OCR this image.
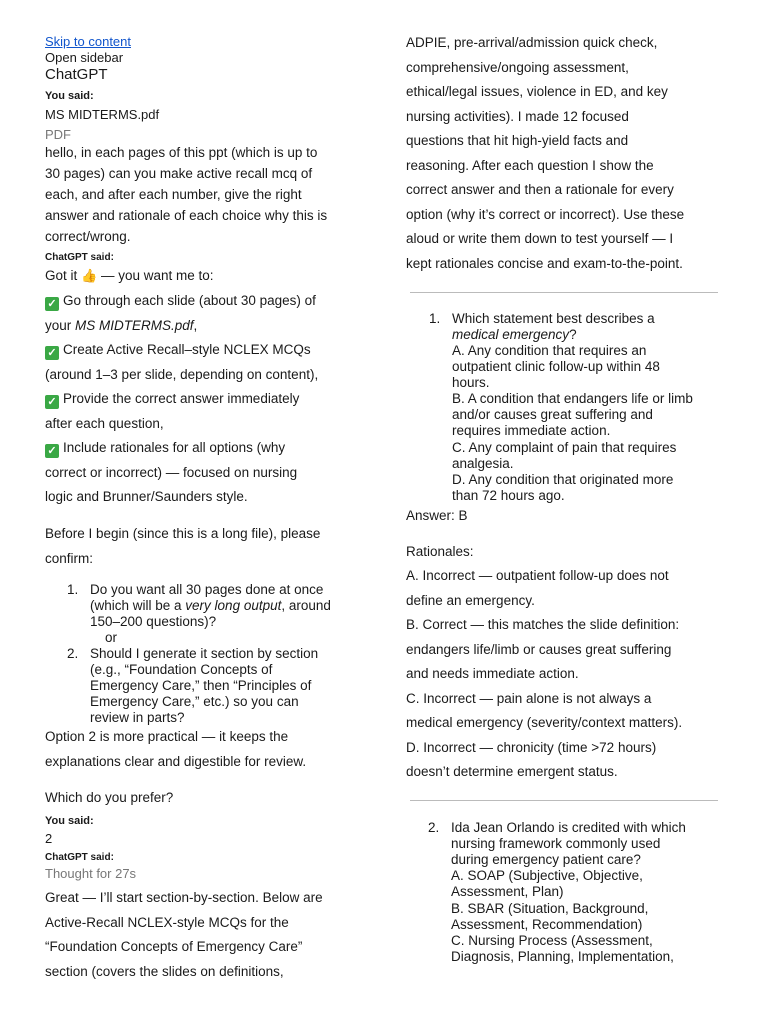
Skip to content
Open sidebar
ChatGPT
You said:
MS MIDTERMS.pdf
PDF
hello, in each pages of this ppt (which is up to
30 pages) can you make active recall mcq of
each, and after each number, give the right
answer and rationale of each choice why this is
correct/wrong.
ChatGPT said:
Got it 👍 — you want me to:
✓ Go through each slide (about 30 pages) of
your MS MIDTERMS.pdf,
✓ Create Active Recall–style NCLEX MCQs
(around 1–3 per slide, depending on content),
✓ Provide the correct answer immediately
after each question,
✓ Include rationales for all options (why
correct or incorrect) — focused on nursing
logic and Brunner/Saunders style.
Before I begin (since this is a long file), please
confirm:
1. Do you want all 30 pages done at once
(which will be a very long output, around
150–200 questions)?
or
2. Should I generate it section by section
(e.g., “Foundation Concepts of
Emergency Care,” then “Principles of
Emergency Care,” etc.) so you can
review in parts?
Option 2 is more practical — it keeps the
explanations clear and digestible for review.
Which do you prefer?
You said:
2
ChatGPT said:
Thought for 27s
Great — I’ll start section-by-section. Below are
Active-Recall NCLEX-style MCQs for the
“Foundation Concepts of Emergency Care”
section (covers the slides on definitions,
ADPIE, pre-arrival/admission quick check,
comprehensive/ongoing assessment,
ethical/legal issues, violence in ED, and key
nursing activities). I made 12 focused
questions that hit high-yield facts and
reasoning. After each question I show the
correct answer and then a rationale for every
option (why it’s correct or incorrect). Use these
aloud or write them down to test yourself — I
kept rationales concise and exam-to-the-point.
1. Which statement best describes a
medical emergency?
A. Any condition that requires an
outpatient clinic follow-up within 48
hours.
B. A condition that endangers life or limb
and/or causes great suffering and
requires immediate action.
C. Any complaint of pain that requires
analgesia.
D. Any condition that originated more
than 72 hours ago.
Answer: B
Rationales:
A. Incorrect — outpatient follow-up does not
define an emergency.
B. Correct — this matches the slide definition:
endangers life/limb or causes great suffering
and needs immediate action.
C. Incorrect — pain alone is not always a
medical emergency (severity/context matters).
D. Incorrect — chronicity (time >72 hours)
doesn’t determine emergent status.
2. Ida Jean Orlando is credited with which
nursing framework commonly used
during emergency patient care?
A. SOAP (Subjective, Objective,
Assessment, Plan)
B. SBAR (Situation, Background,
Assessment, Recommendation)
C. Nursing Process (Assessment,
Diagnosis, Planning, Implementation,
